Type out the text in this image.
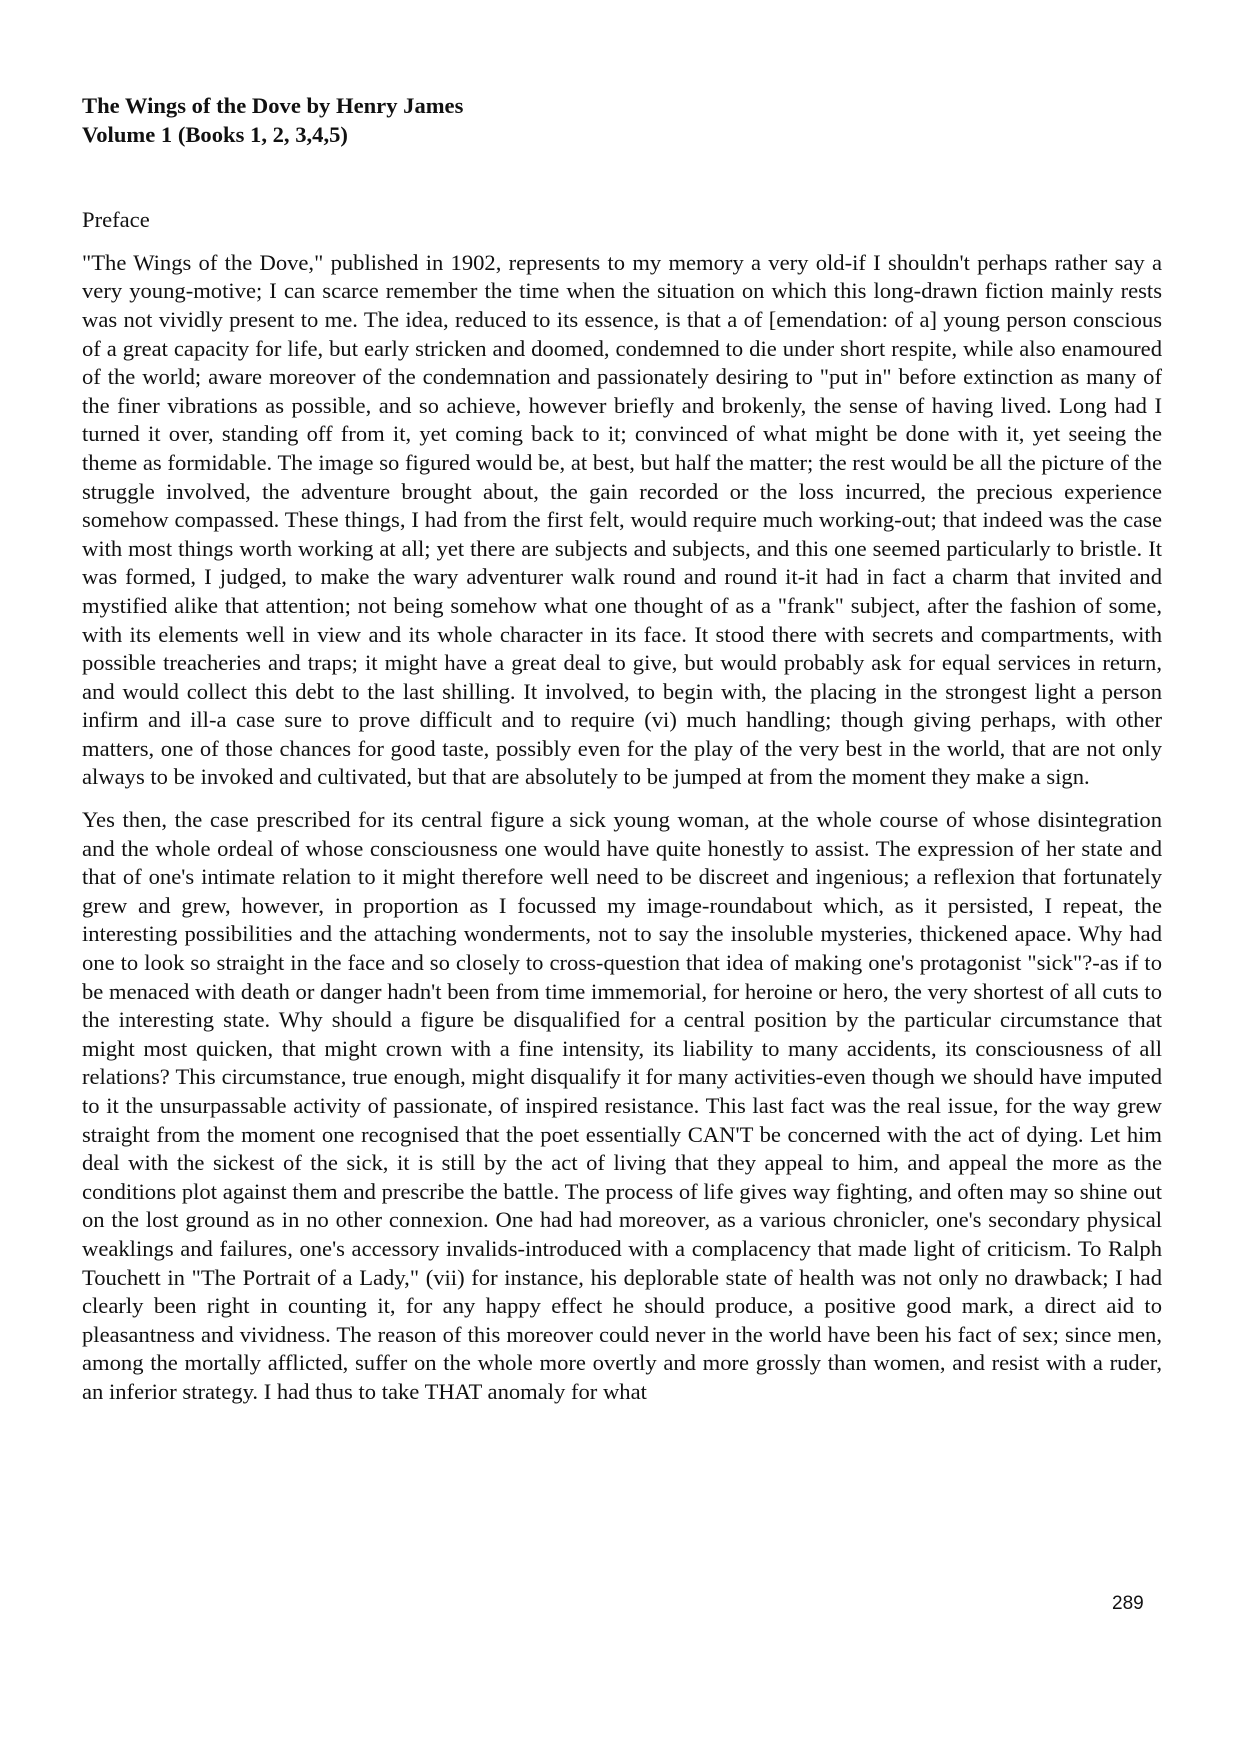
The Wings of the Dove by Henry James
Volume 1 (Books 1, 2, 3,4,5)
Preface

"The Wings of the Dove," published in 1902, represents to my memory a very old-if I shouldn't perhaps rather say a very young-motive; I can scarce remember the time when the situation on which this long-drawn fiction mainly rests was not vividly present to me. The idea, reduced to its essence, is that a of [emendation: of a] young person conscious of a great capacity for life, but early stricken and doomed, condemned to die under short respite, while also enamoured of the world; aware moreover of the condemnation and passionately desiring to "put in" before extinction as many of the finer vibrations as possible, and so achieve, however briefly and brokenly, the sense of having lived. Long had I turned it over, standing off from it, yet coming back to it; convinced of what might be done with it, yet seeing the theme as formidable. The image so figured would be, at best, but half the matter; the rest would be all the picture of the struggle involved, the adventure brought about, the gain recorded or the loss incurred, the precious experience somehow compassed. These things, I had from the first felt, would require much working-out; that indeed was the case with most things worth working at all; yet there are subjects and subjects, and this one seemed particularly to bristle. It was formed, I judged, to make the wary adventurer walk round and round it-it had in fact a charm that invited and mystified alike that attention; not being somehow what one thought of as a "frank" subject, after the fashion of some, with its elements well in view and its whole character in its face. It stood there with secrets and compartments, with possible treacheries and traps; it might have a great deal to give, but would probably ask for equal services in return, and would collect this debt to the last shilling. It involved, to begin with, the placing in the strongest light a person infirm and ill-a case sure to prove difficult and to require (vi) much handling; though giving perhaps, with other matters, one of those chances for good taste, possibly even for the play of the very best in the world, that are not only always to be invoked and cultivated, but that are absolutely to be jumped at from the moment they make a sign.

Yes then, the case prescribed for its central figure a sick young woman, at the whole course of whose disintegration and the whole ordeal of whose consciousness one would have quite honestly to assist. The expression of her state and that of one's intimate relation to it might therefore well need to be discreet and ingenious; a reflexion that fortunately grew and grew, however, in proportion as I focussed my image-roundabout which, as it persisted, I repeat, the interesting possibilities and the attaching wonderments, not to say the insoluble mysteries, thickened apace. Why had one to look so straight in the face and so closely to cross-question that idea of making one's protagonist "sick"?-as if to be menaced with death or danger hadn't been from time immemorial, for heroine or hero, the very shortest of all cuts to the interesting state. Why should a figure be disqualified for a central position by the particular circumstance that might most quicken, that might crown with a fine intensity, its liability to many accidents, its consciousness of all relations? This circumstance, true enough, might disqualify it for many activities-even though we should have imputed to it the unsurpassable activity of passionate, of inspired resistance. This last fact was the real issue, for the way grew straight from the moment one recognised that the poet essentially CAN'T be concerned with the act of dying. Let him deal with the sickest of the sick, it is still by the act of living that they appeal to him, and appeal the more as the conditions plot against them and prescribe the battle. The process of life gives way fighting, and often may so shine out on the lost ground as in no other connexion. One had had moreover, as a various chronicler, one's secondary physical weaklings and failures, one's accessory invalids-introduced with a complacency that made light of criticism. To Ralph Touchett in "The Portrait of a Lady," (vii) for instance, his deplorable state of health was not only no drawback; I had clearly been right in counting it, for any happy effect he should produce, a positive good mark, a direct aid to pleasantness and vividness. The reason of this moreover could never in the world have been his fact of sex; since men, among the mortally afflicted, suffer on the whole more overtly and more grossly than women, and resist with a ruder, an inferior strategy. I had thus to take THAT anomaly for what

289
